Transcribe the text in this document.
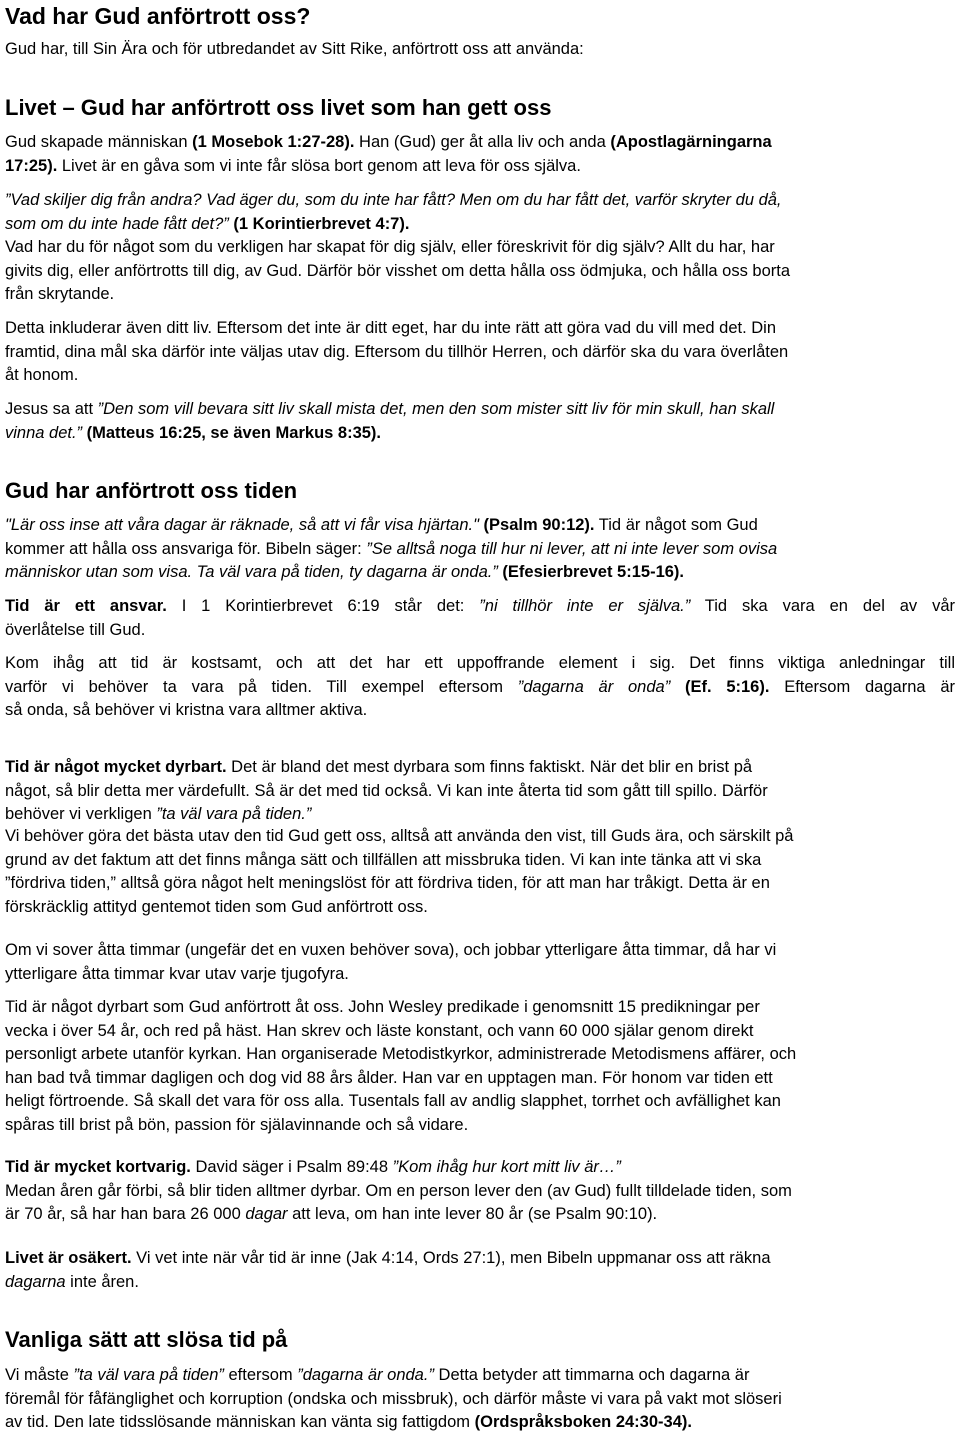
Vad har Gud anförtrott oss?
Gud har, till Sin Ära och för utbredandet av Sitt Rike, anförtrott oss att använda:
Livet – Gud har anförtrott oss livet som han gett oss
Gud skapade människan (1 Mosebok 1:27-28). Han (Gud) ger åt alla liv och anda (Apostlagärningarna
17:25). Livet är en gåva som vi inte får slösa bort genom att leva för oss själva.
”Vad skiljer dig från andra? Vad äger du, som du inte har fått? Men om du har fått det, varför skryter du då,
som om du inte hade fått det?” (1 Korintierbrevet 4:7).
Vad har du för något som du verkligen har skapat för dig själv, eller föreskrivit för dig själv? Allt du har, har
givits dig, eller anförtrotts till dig, av Gud. Därför bör visshet om detta hålla oss ödmjuka, och hålla oss borta
från skrytande.
Detta inkluderar även ditt liv. Eftersom det inte är ditt eget, har du inte rätt att göra vad du vill med det. Din
framtid, dina mål ska därför inte väljas utav dig. Eftersom du tillhör Herren, och därför ska du vara överlåten
åt honom.
Jesus sa att ”Den som vill bevara sitt liv skall mista det, men den som mister sitt liv för min skull, han skall
vinna det.” (Matteus 16:25, se även Markus 8:35).
Gud har anförtrott oss tiden
"Lär oss inse att våra dagar är räknade, så att vi får visa hjärtan." (Psalm 90:12). Tid är något som Gud
kommer att hålla oss ansvariga för. Bibeln säger: ”Se alltså noga till hur ni lever, att ni inte lever som ovisa
människor utan som visa. Ta väl vara på tiden, ty dagarna är onda.” (Efesierbrevet 5:15-16).
Tid är ett ansvar. I 1 Korintierbrevet 6:19 står det: ”ni tillhör inte er själva.” Tid ska vara en del av vår
överlåtelse till Gud.
Kom ihåg att tid är kostsamt, och att det har ett uppoffrande element i sig. Det finns viktiga anledningar till
varför vi behöver ta vara på tiden. Till exempel eftersom ”dagarna är onda” (Ef. 5:16). Eftersom dagarna är
så onda, så behöver vi kristna vara alltmer aktiva.
Tid är något mycket dyrbart. Det är bland det mest dyrbara som finns faktiskt. När det blir en brist på
något, så blir detta mer värdefullt. Så är det med tid också. Vi kan inte återta tid som gått till spillo. Därför
behöver vi verkligen ”ta väl vara på tiden.”
Vi behöver göra det bästa utav den tid Gud gett oss, alltså att använda den vist, till Guds ära, och särskilt på
grund av det faktum att det finns många sätt och tillfällen att missbruka tiden. Vi kan inte tänka att vi ska
”fördriva tiden,” alltså göra något helt meningslöst för att fördriva tiden, för att man har tråkigt. Detta är en
förskräcklig attityd gentemot tiden som Gud anförtrott oss.
Om vi sover åtta timmar (ungefär det en vuxen behöver sova), och jobbar ytterligare åtta timmar, då har vi
ytterligare åtta timmar kvar utav varje tjugofyra.
Tid är något dyrbart som Gud anförtrott åt oss. John Wesley predikade i genomsnitt 15 predikningar per
vecka i över 54 år, och red på häst. Han skrev och läste konstant, och vann 60 000 själar genom direkt
personligt arbete utanför kyrkan. Han organiserade Metodistkyrkor, administrerade Metodismens affärer, och
han bad två timmar dagligen och dog vid 88 års ålder. Han var en upptagen man. För honom var tiden ett
heligt förtroende. Så skall det vara för oss alla. Tusentals fall av andlig slapphet, torrhet och avfällighet kan
spåras till brist på bön, passion för själavinnande och så vidare.
Tid är mycket kortvarig. David säger i Psalm 89:48 ”Kom ihåg hur kort mitt liv är…”
Medan åren går förbi, så blir tiden alltmer dyrbar. Om en person lever den (av Gud) fullt tilldelade tiden, som
är 70 år, så har han bara 26 000 dagar att leva, om han inte lever 80 år (se Psalm 90:10).
Livet är osäkert. Vi vet inte när vår tid är inne (Jak 4:14, Ords 27:1), men Bibeln uppmanar oss att räkna
dagarna inte åren.
Vanliga sätt att slösa tid på
Vi måste ”ta väl vara på tiden” eftersom ”dagarna är onda.” Detta betyder att timmarna och dagarna är
föremål för fåfänglighet och korruption (ondska och missbruk), och därför måste vi vara på vakt mot slöseri
av tid. Den late tidsslösande människan kan vänta sig fattigdom (Ordspråksboken 24:30-34).
